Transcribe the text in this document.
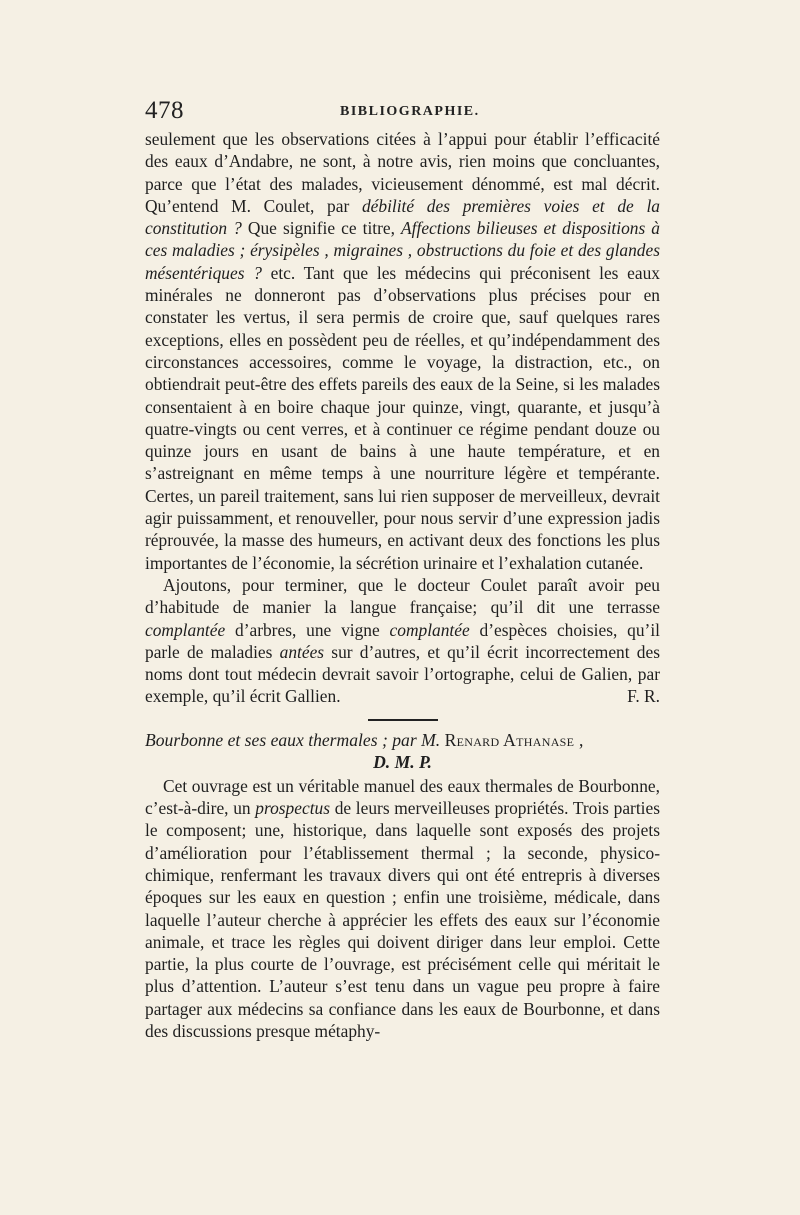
478	BIBLIOGRAPHIE.

seulement que les observations citées à l’appui pour établir l’efficacité des eaux d’Andabre, ne sont, à notre avis, rien moins que concluantes, parce que l’état des malades, vicieusement dénommé, est mal décrit. Qu’entend M. Coulet, par débilité des premières voies et de la constitution ? Que signifie ce titre, Affections bilieuses et dispositions à ces maladies ; érysipèles , migraines , obstructions du foie et des glandes mésentériques ? etc. Tant que les médecins qui préconisent les eaux minérales ne donneront pas d’observations plus précises pour en constater les vertus, il sera permis de croire que, sauf quelques rares exceptions, elles en possèdent peu de réelles, et qu’indépendamment des circonstances accessoires, comme le voyage, la distraction, etc., on obtiendrait peut-être des effets pareils des eaux de la Seine, si les malades consentaient à en boire chaque jour quinze, vingt, quarante, et jusqu’à quatre-vingts ou cent verres, et à continuer ce régime pendant douze ou quinze jours en usant de bains à une haute température, et en s’astreignant en même temps à une nourriture légère et tempérante. Certes, un pareil traitement, sans lui rien supposer de merveilleux, devrait agir puissamment, et renouveller, pour nous servir d’une expression jadis réprouvée, la masse des humeurs, en activant deux des fonctions les plus importantes de l’économie, la sécrétion urinaire et l’exhalation cutanée.

Ajoutons, pour terminer, que le docteur Coulet paraît avoir peu d’habitude de manier la langue française; qu’il dit une terrasse complantée d’arbres, une vigne complantée d’espèces choisies, qu’il parle de maladies antées sur d’autres, et qu’il écrit incorrectement des noms dont tout médecin devrait savoir l’ortographe, celui de Galien, par exemple, qu’il écrit Gallien.	F. R.

Bourbonne et ses eaux thermales ; par M. Renard Athanase ,

D. M. P.

Cet ouvrage est un véritable manuel des eaux thermales de Bourbonne, c’est-à-dire, un prospectus de leurs merveilleuses propriétés. Trois parties le composent; une, historique, dans laquelle sont exposés des projets d’amélioration pour l’établissement thermal ; la seconde, physico-chimique, renfermant les travaux divers qui ont été entrepris à diverses époques sur les eaux en question ; enfin une troisième, médicale, dans laquelle l’auteur cherche à apprécier les effets des eaux sur l’économie animale, et trace les règles qui doivent diriger dans leur emploi. Cette partie, la plus courte de l’ouvrage, est précisément celle qui méritait le plus d’attention. L’auteur s’est tenu dans un vague peu propre à faire partager aux médecins sa confiance dans les eaux de Bourbonne, et dans des discussions presque métaphy-
